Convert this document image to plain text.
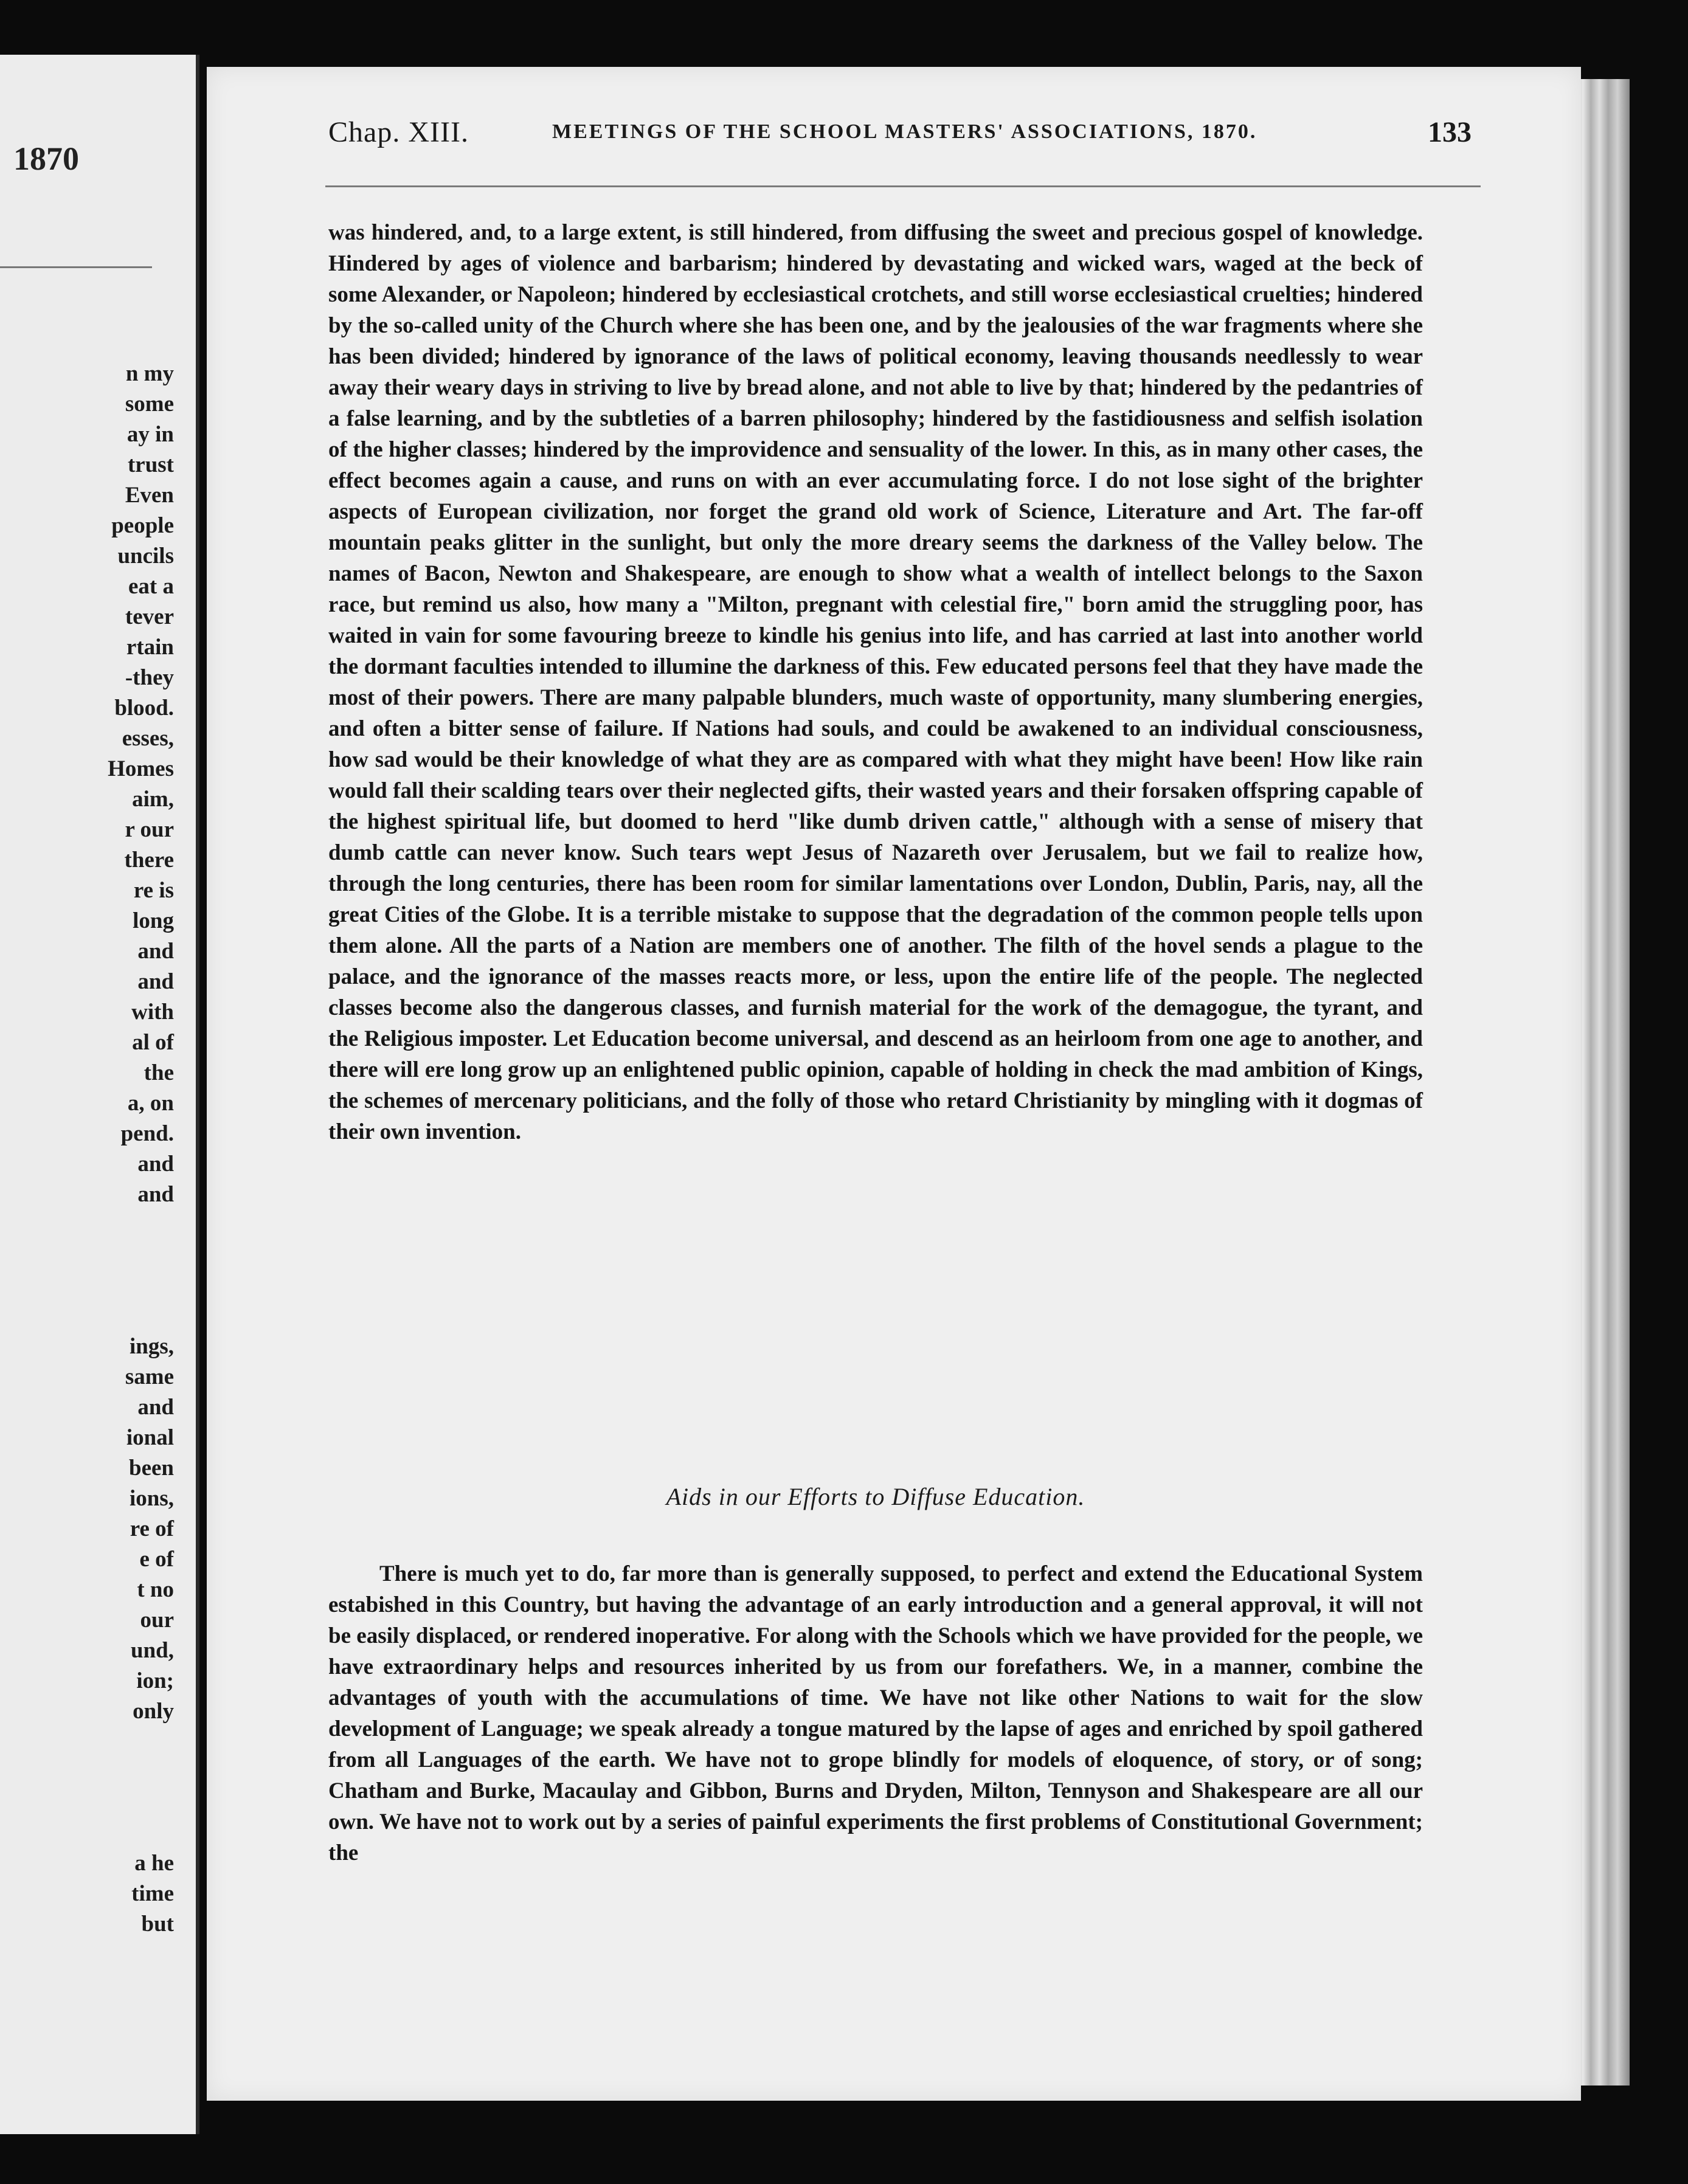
1870
n my
some
ay in
trust
Even
people
uncils
eat a
tever
rtain
-they
blood.
esses,
Homes
aim,
r our
there
re is
long
and
and
with
al of
the
a, on
pend.
and
and
ings,
same
and
ional
been
ions,
re of
e of
t no
our
und,
ion;
only
a he
time
but
Chap. XIII.	MEETINGS OF THE SCHOOL MASTERS' ASSOCIATIONS, 1870.	133
was hindered, and, to a large extent, is still hindered, from diffusing the sweet and precious gospel of knowledge. Hindered by ages of violence and barbarism; hindered by devastating and wicked wars, waged at the beck of some Alexander, or Napoleon; hindered by ecclesiastical crotchets, and still worse ecclesiastical cruelties; hindered by the so-called unity of the Church where she has been one, and by the jealousies of the war fragments where she has been divided; hindered by ignorance of the laws of political economy, leaving thousands needlessly to wear away their weary days in striving to live by bread alone, and not able to live by that; hindered by the pedantries of a false learning, and by the subtleties of a barren philosophy; hindered by the fastidiousness and selfish isolation of the higher classes; hindered by the improvidence and sensuality of the lower. In this, as in many other cases, the effect becomes again a cause, and runs on with an ever accumulating force. I do not lose sight of the brighter aspects of European civilization, nor forget the grand old work of Science, Literature and Art. The far-off mountain peaks glitter in the sunlight, but only the more dreary seems the darkness of the Valley below. The names of Bacon, Newton and Shakespeare, are enough to show what a wealth of intellect belongs to the Saxon race, but remind us also, how many a "Milton, pregnant with celestial fire," born amid the struggling poor, has waited in vain for some favouring breeze to kindle his genius into life, and has carried at last into another world the dormant faculties intended to illumine the darkness of this. Few educated persons feel that they have made the most of their powers. There are many palpable blunders, much waste of opportunity, many slumbering energies, and often a bitter sense of failure. If Nations had souls, and could be awakened to an individual consciousness, how sad would be their knowledge of what they are as compared with what they might have been! How like rain would fall their scalding tears over their neglected gifts, their wasted years and their forsaken offspring capable of the highest spiritual life, but doomed to herd "like dumb driven cattle," although with a sense of misery that dumb cattle can never know. Such tears wept Jesus of Nazareth over Jerusalem, but we fail to realize how, through the long centuries, there has been room for similar lamentations over London, Dublin, Paris, nay, all the great Cities of the Globe. It is a terrible mistake to suppose that the degradation of the common people tells upon them alone. All the parts of a Nation are members one of another. The filth of the hovel sends a plague to the palace, and the ignorance of the masses reacts more, or less, upon the entire life of the people. The neglected classes become also the dangerous classes, and furnish material for the work of the demagogue, the tyrant, and the Religious imposter. Let Education become universal, and descend as an heirloom from one age to another, and there will ere long grow up an enlightened public opinion, capable of holding in check the mad ambition of Kings, the schemes of mercenary politicians, and the folly of those who retard Christianity by mingling with it dogmas of their own invention.
Aids in our Efforts to Diffuse Education.
There is much yet to do, far more than is generally supposed, to perfect and extend the Educational System estabished in this Country, but having the advantage of an early introduction and a general approval, it will not be easily displaced, or rendered inoperative. For along with the Schools which we have provided for the people, we have extraordinary helps and resources inherited by us from our forefathers. We, in a manner, combine the advantages of youth with the accumulations of time. We have not like other Nations to wait for the slow development of Language; we speak already a tongue matured by the lapse of ages and enriched by spoil gathered from all Languages of the earth. We have not to grope blindly for models of eloquence, of story, or of song; Chatham and Burke, Macaulay and Gibbon, Burns and Dryden, Milton, Tennyson and Shakespeare are all our own. We have not to work out by a series of painful experiments the first problems of Constitutional Government; the
